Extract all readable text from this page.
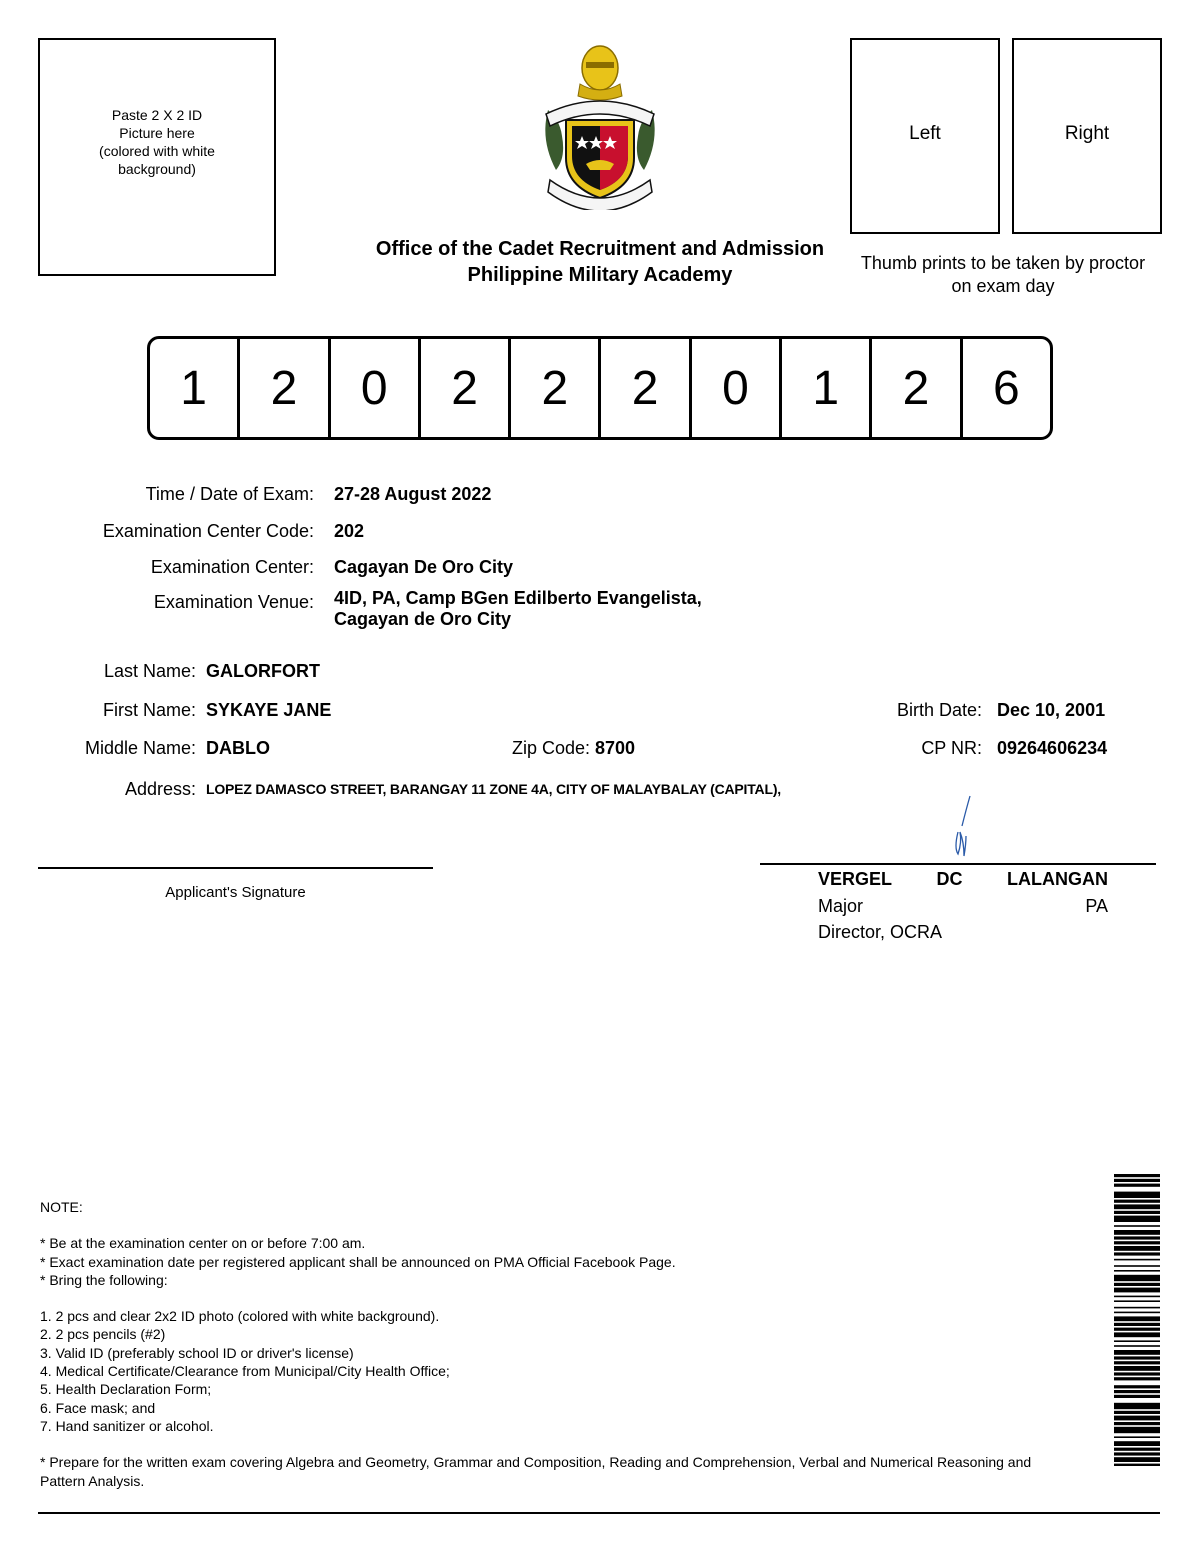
Paste 2 X 2 ID
Picture here
(colored with white
background)
Office of the Cadet Recruitment and Admission
Philippine Military Academy
Left	Right
Thumb prints to be taken by proctor on exam day
1	2	0	2	2	2	0	1	2	6
Time / Date of Exam: 27-28 August 2022
Examination Center Code: 202
Examination Center: Cagayan De Oro City
Examination Venue: 4ID, PA, Camp BGen Edilberto Evangelista,
Cagayan de Oro City
Last Name: GALORFORT
First Name: SYKAYE JANE	Birth Date: Dec 10, 2001
Middle Name: DABLO	Zip Code: 8700	CP NR: 09264606234
Address: LOPEZ DAMASCO STREET, BARANGAY 11 ZONE 4A, CITY OF MALAYBALAY (CAPITAL),
Applicant's Signature
VERGEL DC LALANGAN
Major	PA
Director, OCRA

NOTE:

* Be at the examination center on or before 7:00 am.

* Exact examination date per registered applicant shall be announced on PMA Official Facebook Page.

* Bring the following:

1. 2 pcs and clear 2x2 ID photo (colored with white background).

2. 2 pcs pencils (#2)

3. Valid ID (preferably school ID or driver's license)

4. Medical Certificate/Clearance from Municipal/City Health Office;

5. Health Declaration Form;

6. Face mask; and

7. Hand sanitizer or alcohol.

* Prepare for the written exam covering Algebra and Geometry, Grammar and Composition, Reading and Comprehension, Verbal and Numerical Reasoning and Pattern Analysis.
